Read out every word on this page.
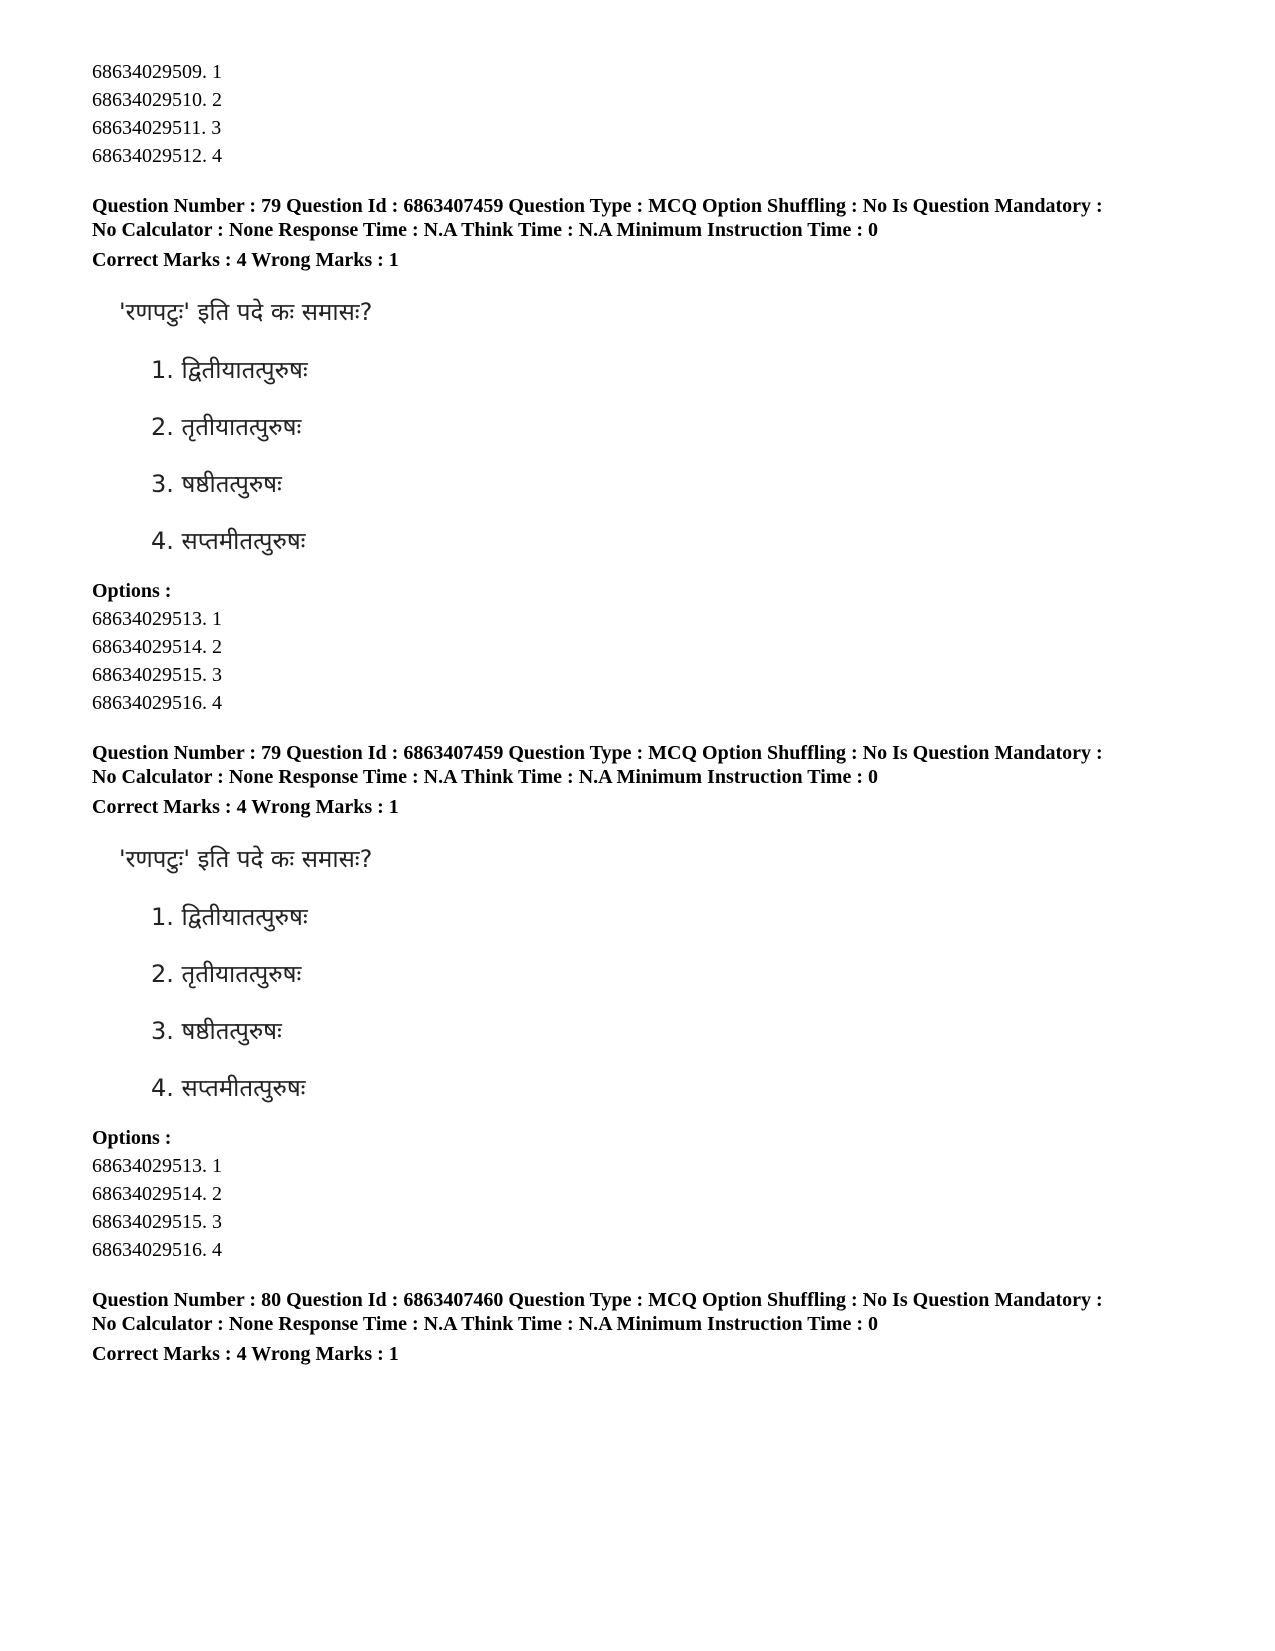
68634029509. 1

68634029510. 2

68634029511. 3

68634029512. 4

Question Number : 79 Question Id : 6863407459 Question Type : MCQ Option Shuffling : No Is Question Mandatory :

No Calculator : None Response Time : N.A Think Time : N.A Minimum Instruction Time : 0

Correct Marks : 4 Wrong Marks : 1

'रणपटुः' इति पदे कः समासः?
1. द्वितीयातत्पुरुषः
2. तृतीयातत्पुरुषः
3. षष्ठीतत्पुरुषः
4. सप्तमीतत्पुरुषः

Options :

68634029513. 1

68634029514. 2

68634029515. 3

68634029516. 4

Question Number : 79 Question Id : 6863407459 Question Type : MCQ Option Shuffling : No Is Question Mandatory :

No Calculator : None Response Time : N.A Think Time : N.A Minimum Instruction Time : 0

Correct Marks : 4 Wrong Marks : 1

'रणपटुः' इति पदे कः समासः?
1. द्वितीयातत्पुरुषः
2. तृतीयातत्पुरुषः
3. षष्ठीतत्पुरुषः
4. सप्तमीतत्पुरुषः

Options :

68634029513. 1

68634029514. 2

68634029515. 3

68634029516. 4

Question Number : 80 Question Id : 6863407460 Question Type : MCQ Option Shuffling : No Is Question Mandatory :

No Calculator : None Response Time : N.A Think Time : N.A Minimum Instruction Time : 0

Correct Marks : 4 Wrong Marks : 1
